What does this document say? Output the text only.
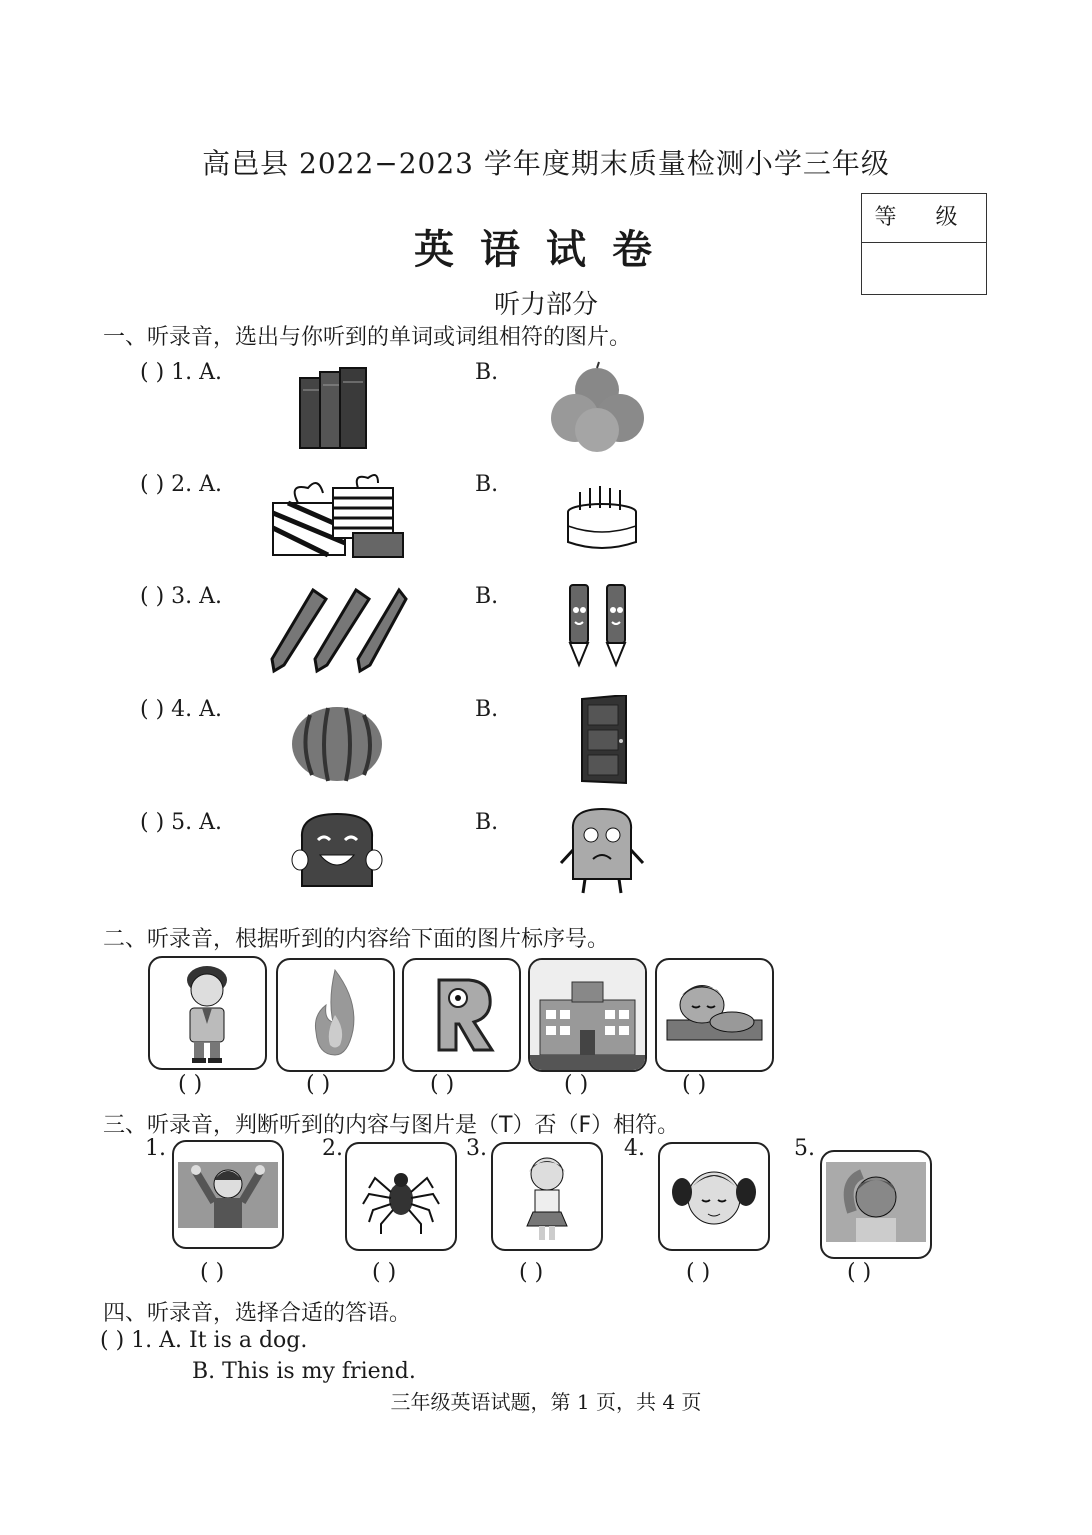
高邑县 2022−2023 学年度期末质量检测小学三年级
英语试卷
听力部分
等 级
一、听录音，选出与你听到的单词或词组相符的图片。
( ) 1. A.	B.
( ) 2. A.	B.
( ) 3. A.	B.
( ) 4. A.	B.
( ) 5. A.	B.
二、听录音，根据听到的内容给下面的图片标序号。
( )	( )	( )	( )	( )
三、听录音，判断听到的内容与图片是（T）否（F）相符。
1.	2.	3.	4.	5.
( )	( )	( )	( )	( )
四、听录音，选择合适的答语。
( ) 1. A. It is a dog.
B. This is my friend.
三年级英语试题，第 1 页，共 4 页
